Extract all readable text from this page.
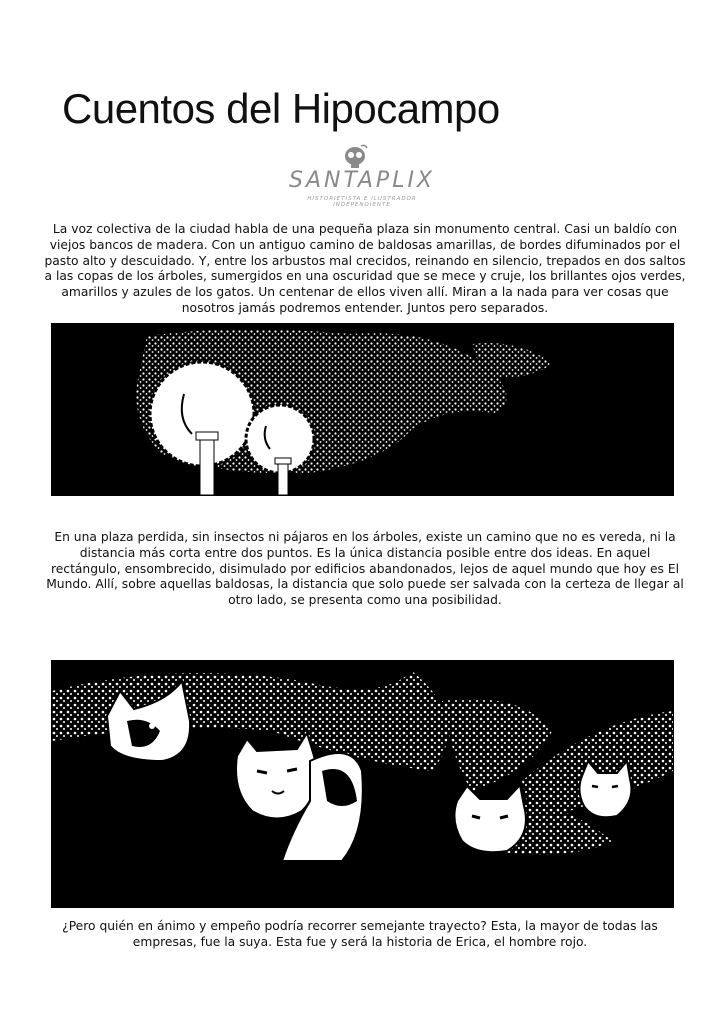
Cuentos del Hipocampo
SANTAPLIX
HISTORIETISTA E ILUSTRADOR INDEPENDIENTE

La voz colectiva de la ciudad habla de una pequeña plaza sin monumento central. Casi un baldío con viejos bancos de madera. Con un antiguo camino de baldosas amarillas, de bordes difuminados por el pasto alto y descuidado. Y, entre los arbustos mal crecidos, reinando en silencio, trepados en dos saltos a las copas de los árboles, sumergidos en una oscuridad que se mece y cruje, los brillantes ojos verdes, amarillos y azules de los gatos. Un centenar de ellos viven allí. Miran a la nada para ver cosas que nosotros jamás podremos entender. Juntos pero separados.

En una plaza perdida, sin insectos ni pájaros en los árboles, existe un camino que no es vereda, ni la distancia más corta entre dos puntos. Es la única distancia posible entre dos ideas. En aquel rectángulo, ensombrecido, disimulado por edificios abandonados, lejos de aquel mundo que hoy es El Mundo. Allí, sobre aquellas baldosas, la distancia que solo puede ser salvada con la certeza de llegar al otro lado, se presenta como una posibilidad.

¿Pero quién en ánimo y empeño podría recorrer semejante trayecto? Esta, la mayor de todas las empresas, fue la suya. Esta fue y será la historia de Erica, el hombre rojo.
